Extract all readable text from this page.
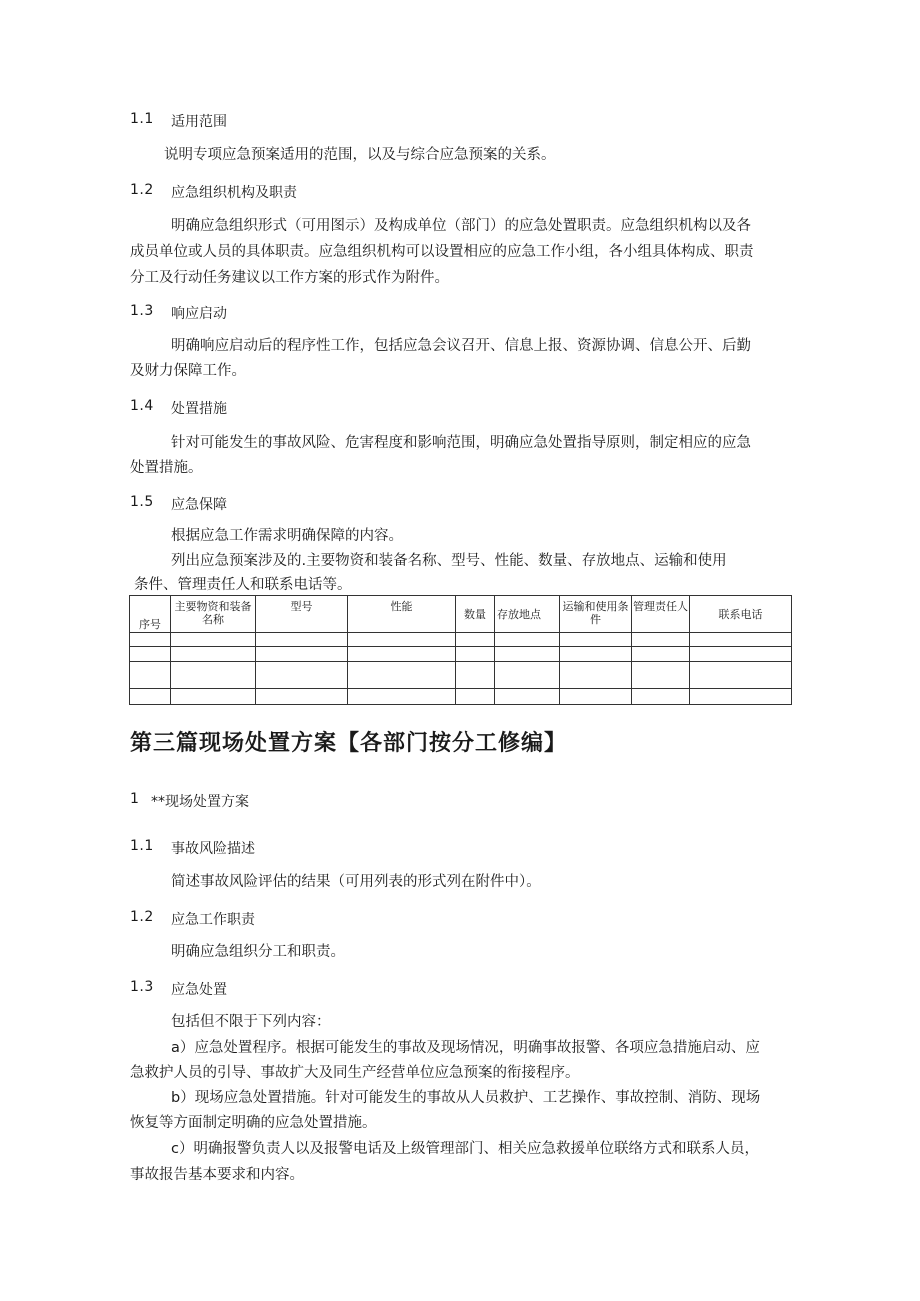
1.1 适用范围
说明专项应急预案适用的范围，以及与综合应急预案的关系。
1.2 应急组织机构及职责
明确应急组织形式（可用图示）及构成单位（部门）的应急处置职责。应急组织机构以及各
成员单位或人员的具体职责。应急组织机构可以设置相应的应急工作小组，各小组具体构成、职责
分工及行动任务建议以工作方案的形式作为附件。
1.3 响应启动
明确响应启动后的程序性工作，包括应急会议召开、信息上报、资源协调、信息公开、后勤
及财力保障工作。
1.4 处置措施
针对可能发生的事故风险、危害程度和影响范围，明确应急处置指导原则，制定相应的应急
处置措施。
1.5 应急保障
根据应急工作需求明确保障的内容。
列出应急预案涉及的.主要物资和装备名称、型号、性能、数量、存放地点、运输和使用
条件、管理责任人和联系电话等。
序号	主要物资和装备名称	型号	性能	数量	存放地点	运输和使用条件	管理责任人	联系电话

第三篇现场处置方案【各部门按分工修编】
1 **现场处置方案
1.1 事故风险描述
简述事故风险评估的结果（可用列表的形式列在附件中）。
1.2 应急工作职责
明确应急组织分工和职责。
1.3 应急处置
包括但不限于下列内容：
a）应急处置程序。根据可能发生的事故及现场情况，明确事故报警、各项应急措施启动、应
急救护人员的引导、事故扩大及同生产经营单位应急预案的衔接程序。
b）现场应急处置措施。针对可能发生的事故从人员救护、工艺操作、事故控制、消防、现场
恢复等方面制定明确的应急处置措施。
c）明确报警负责人以及报警电话及上级管理部门、相关应急救援单位联络方式和联系人员，
事故报告基本要求和内容。
